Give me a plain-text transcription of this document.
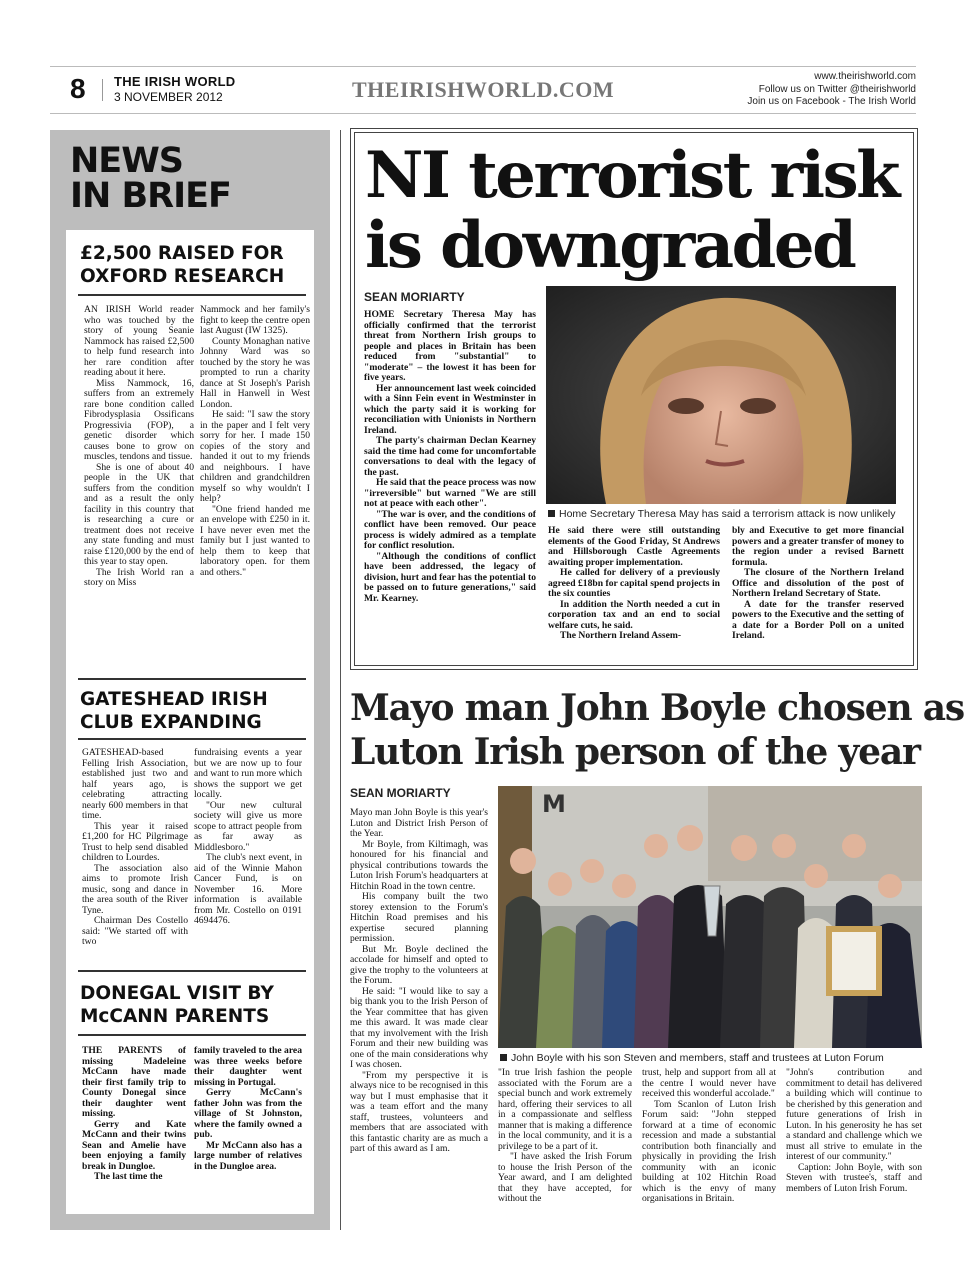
8 THE IRISH WORLD
3 NOVEMBER 2012	THEIRISHWORLD.COM
www.theirishworld.com
Follow us on Twitter @theirishworld
Join us on Facebook - The Irish World
NEWS
IN BRIEF
£2,500 RAISED FOR
OXFORD RESEARCH

AN IRISH World reader who was touched by the story of young Seanie Nammock has raised £2,500 to help fund research into her rare condition after reading about it here.

Miss Nammock, 16, suffers from an extremely rare bone condition called Fibrodysplasia Ossificans Progressivia (FOP), a genetic disorder which causes bone to grow on muscles, tendons and tissue.

She is one of about 40 people in the UK that suffers from the condition and as a result the only facility in this country that is researching a cure or treatment does not receive any state funding and must raise £120,000 by the end of this year to stay open.

The Irish World ran a story on Miss

Nammock and her family's fight to keep the centre open last August (IW 1325).

County Monaghan native Johnny Ward was so touched by the story he was prompted to run a charity dance at St Joseph's Parish Hall in Hanwell in West London.

He said: "I saw the story in the paper and I felt very sorry for her. I made 150 copies of the story and handed it out to my friends and neighbours. I have children and grandchildren myself so why wouldn't I help?

"One friend handed me an envelope with £250 in it. I have never even met the family but I just wanted to help them to keep that laboratory open. for them and others."

GATESHEAD IRISH
CLUB EXPANDING

GATESHEAD-based Felling Irish Association, established just two and half years ago, is celebrating attracting nearly 600 members in that time.

This year it raised £1,200 for HC Pilgrimage Trust to help send disabled children to Lourdes.

The association also aims to promote Irish music, song and dance in the area south of the River Tyne.

Chairman Des Costello said: "We started off with two

fundraising events a year but we are now up to four and want to run more which shows the support we get locally.

"Our new cultural society will give us more scope to attract people from as far away as Middlesboro."

The club's next event, in aid of the Winnie Mahon Cancer Fund, is on November 16. More information is available from Mr. Costello on 0191 4694476.

DONEGAL VISIT BY
McCANN PARENTS

THE PARENTS of missing Madeleine McCann have made their first family trip to County Donegal since their daughter went missing.

Gerry and Kate McCann and their twins Sean and Amelie have been enjoying a family break in Dungloe.

The last time the

family traveled to the area was three weeks before their daughter went missing in Portugal.

Gerry McCann's father John was from the village of St Johnston, where the family owned a pub.

Mr McCann also has a large number of relatives in the Dungloe area.

NI terrorist risk
is downgraded
SEAN MORIARTY

HOME Secretary Theresa May has officially confirmed that the terrorist threat from Northern Irish groups to people and places in Britain has been reduced from "substantial" to "moderate" – the lowest it has been for five years.

Her announcement last week coincided with a Sinn Fein event in Westminster in which the party said it is working for reconciliation with Unionists in Northern Ireland.

The party's chairman Declan Kearney said the time had come for uncomfortable conversations to deal with the legacy of the past.

He said that the peace process was now "irreversible" but warned "We are still not at peace with each other".

"The war is over, and the conditions of conflict have been removed. Our peace process is widely admired as a template for conflict resolution.

"Although the conditions of conflict have been addressed, the legacy of division, hurt and fear has the potential to be passed on to future generations," said Mr. Kearney.

Home Secretary Theresa May has said a terrorism attack is now unlikely

He said there were still outstanding elements of the Good Friday, St Andrews and Hillsborough Castle Agreements awaiting proper implementation.

He called for delivery of a previously agreed £18bn for capital spend projects in the six counties

In addition the North needed a cut in corporation tax and an end to social welfare cuts, he said.

The Northern Ireland Assem-

bly and Executive to get more financial powers and a greater transfer of money to the region under a revised Barnett formula.

The closure of the Northern Ireland Office and dissolution of the post of Northern Ireland Secretary of State.

A date for the transfer reserved powers to the Executive and the setting of a date for a Border Poll on a united Ireland.

Mayo man John Boyle chosen as
Luton Irish person of the year
SEAN MORIARTY

Mayo man John Boyle is this year's Luton and District Irish Person of the Year.

Mr Boyle, from Kiltimagh, was honoured for his financial and physical contributions towards the Luton Irish Forum's headquarters at Hitchin Road in the town centre.

His company built the two storey extension to the Forum's Hitchin Road premises and his expertise secured planning permission.

But Mr. Boyle declined the accolade for himself and opted to give the trophy to the volunteers at the Forum.

He said: "I would like to say a big thank you to the Irish Person of the Year committee that has given me this award. It was made clear that my involvement with the Irish Forum and their new building was one of the main considerations why I was chosen.

"From my perspective it is always nice to be recognised in this way but I must emphasise that it was a team effort and the many staff, trustees, volunteers and members that are associated with this fantastic charity are as much a part of this award as I am.

M
John Boyle with his son Steven and members, staff and trustees at Luton Forum

"In true Irish fashion the people associated with the Forum are a special bunch and work extremely hard, offering their services to all in a compassionate and selfless manner that is making a difference in the local community, and it is a privilege to be a part of it.

"I have asked the Irish Forum to house the Irish Person of the Year award, and I am delighted that they have accepted, for without the

trust, help and support from all at the centre I would never have received this wonderful accolade."

Tom Scanlon of Luton Irish Forum said: "John stepped forward at a time of economic recession and made a substantial contribution both financially and physically in providing the Irish community with an iconic building at 102 Hitchin Road which is the envy of many organisations in Britain.

"John's contribution and commitment to detail has delivered a building which will continue to be cherished by this generation and future generations of Irish in Luton. In his generosity he has set a standard and challenge which we must all strive to emulate in the interest of our community."

Caption: John Boyle, with son Steven with trustee's, staff and members of Luton Irish Forum.
